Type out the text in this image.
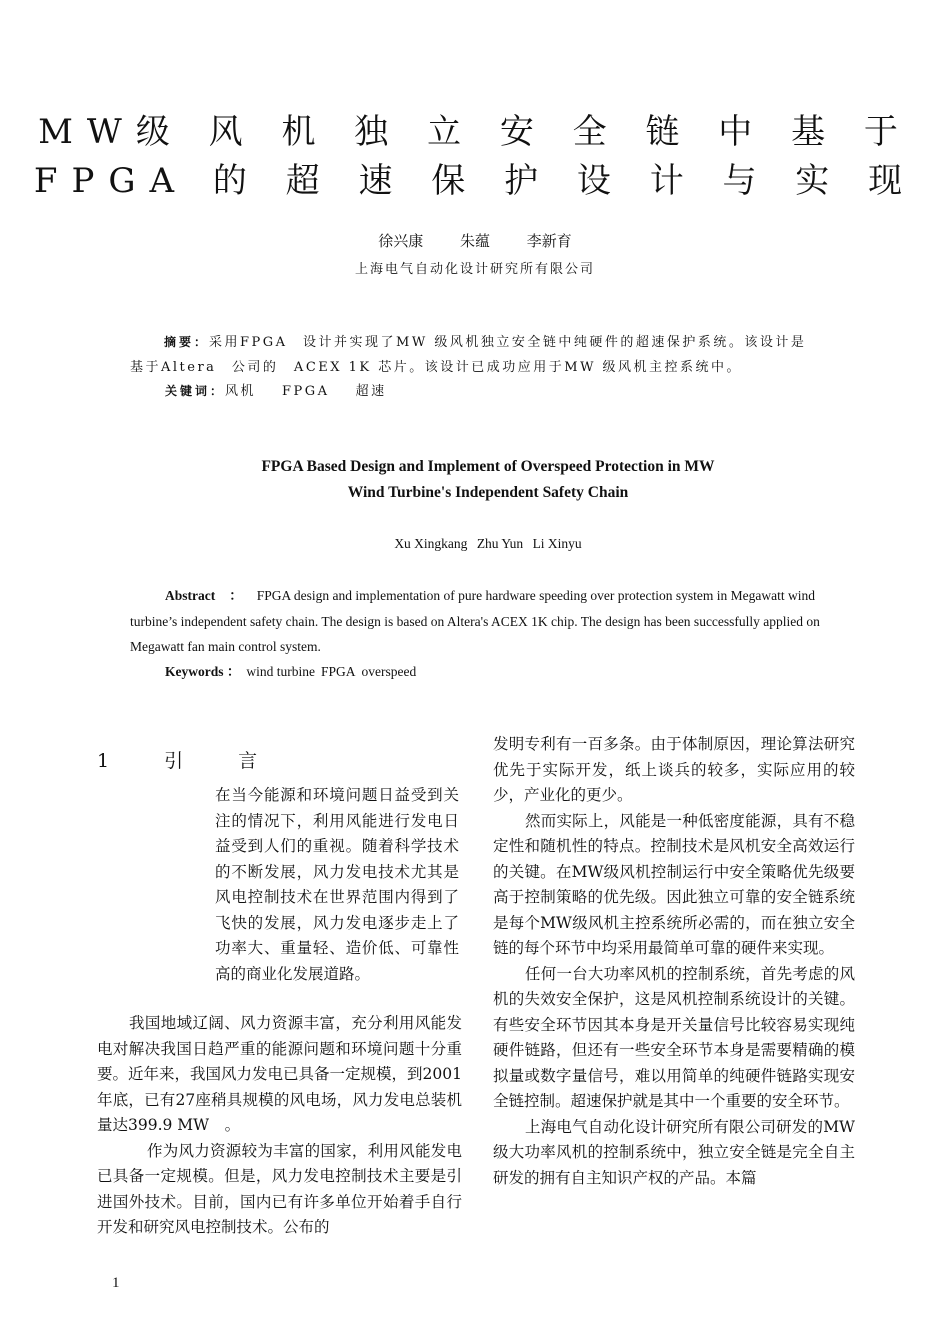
MW级 风 机 独 立 安 全 链 中 基 于
FPGA 的 超 速 保 护 设 计 与 实 现
徐兴康 朱蕴 李新育
上海电气自动化设计研究所有限公司
摘要：采用FPGA　设计并实现了MW 级风机独立安全链中纯硬件的超速保护系统。该设计是基于Altera　公司的　ACEX 1K 芯片。该设计已成功应用于MW 级风机主控系统中。
关键词：风机 FPGA 超速
FPGA Based Design and Implement of Overspeed Protection in MW
Wind Turbine's Independent Safety Chain
Xu Xingkang Zhu Yun Li Xinyu
Abstract ： FPGA design and implementation of pure hardware speeding over protection system in Megawatt wind turbine’s independent safety chain. The design is based on Altera's ACEX 1K chip. The design has been successfully applied on Megawatt fan main control system.
Keywords ： wind turbine FPGA overspeed
1　引　言

在当今能源和环境问题日益受到关注的情况下，利用风能进行发电日益受到人们的重视。随着科学技术的不断发展，风力发电技术尤其是风电控制技术在世界范围内得到了飞快的发展，风力发电逐步走上了功率大、重量轻、造价低、可靠性高的商业化发展道路。

我国地域辽阔、风力资源丰富，充分利用风能发电对解决我国日趋严重的能源问题和环境问题十分重要。近年来，我国风力发电已具备一定规模，到2001年底，已有27座稍具规模的风电场，风力发电总装机量达399.9 MW　。

作为风力资源较为丰富的国家，利用风能发电已具备一定规模。但是，风力发电控制技术主要是引进国外技术。目前，国内已有许多单位开始着手自行开发和研究风电控制技术。公布的

发明专利有一百多条。由于体制原因，理论算法研究优先于实际开发，纸上谈兵的较多，实际应用的较少，产业化的更少。

然而实际上，风能是一种低密度能源，具有不稳定性和随机性的特点。控制技术是风机安全高效运行的关键。在MW级风机控制运行中安全策略优先级要高于控制策略的优先级。因此独立可靠的安全链系统是每个MW级风机主控系统所必需的，而在独立安全链的每个环节中均采用最简单可靠的硬件来实现。

任何一台大功率风机的控制系统，首先考虑的风机的失效安全保护，这是风机控制系统设计的关键。有些安全环节因其本身是开关量信号比较容易实现纯硬件链路，但还有一些安全环节本身是需要精确的模拟量或数字量信号，难以用简单的纯硬件链路实现安全链控制。超速保护就是其中一个重要的安全环节。

上海电气自动化设计研究所有限公司研发的MW级大功率风机的控制系统中，独立安全链是完全自主研发的拥有自主知识产权的产品。本篇

1
